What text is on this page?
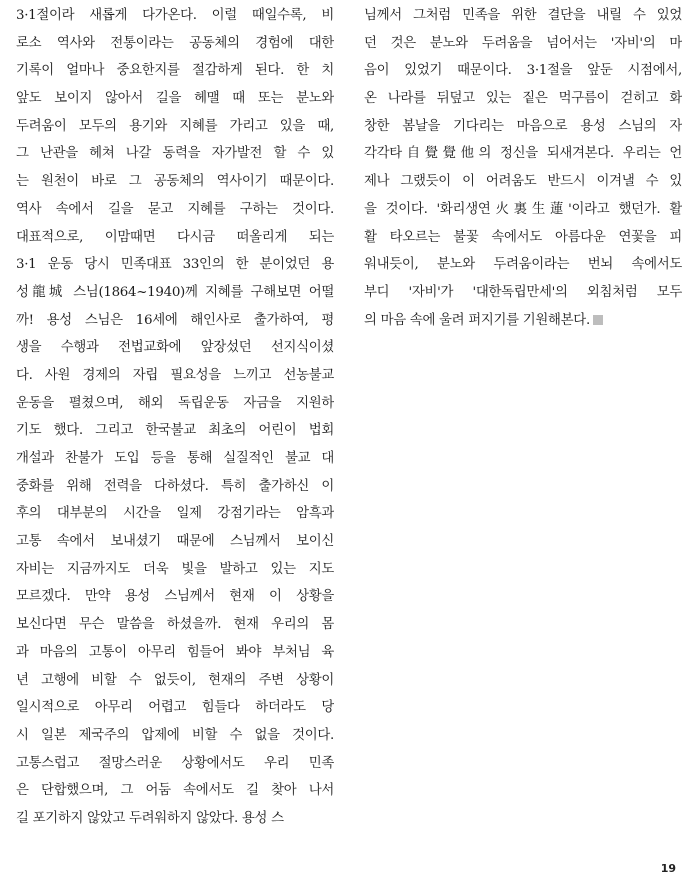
3·1절이라 새롭게 다가온다. 이럴 때일수록, 비
로소 역사와 전통이라는 공동체의 경험에 대한
기록이 얼마나 중요한지를 절감하게 된다. 한 치
앞도 보이지 않아서 길을 헤맬 때 또는 분노와
두려움이 모두의 용기와 지혜를 가리고 있을 때,
그 난관을 헤쳐 나갈 동력을 자가발전 할 수 있
는 원천이 바로 그 공동체의 역사이기 때문이다.
역사 속에서 길을 묻고 지혜를 구하는 것이다.
대표적으로, 이맘때면 다시금 떠올리게 되는
3·1 운동 당시 민족대표 33인의 한 분이었던 용
성龍城 스님(1864~1940)께 지혜를 구해보면 어떨
까! 용성 스님은 16세에 해인사로 출가하여, 평
생을 수행과 전법교화에 앞장섰던 선지식이셨
다. 사원 경제의 자립 필요성을 느끼고 선농불교
운동을 펼쳤으며, 해외 독립운동 자금을 지원하
기도 했다. 그리고 한국불교 최초의 어린이 법회
개설과 찬불가 도입 등을 통해 실질적인 불교 대
중화를 위해 전력을 다하셨다. 특히 출가하신 이
후의 대부분의 시간을 일제 강점기라는 암흑과
고통 속에서 보내셨기 때문에 스님께서 보이신
자비는 지금까지도 더욱 빛을 발하고 있는 지도
모르겠다. 만약 용성 스님께서 현재 이 상황을
보신다면 무슨 말씀을 하셨을까. 현재 우리의 몸
과 마음의 고통이 아무리 힘들어 봐야 부처님 육
년 고행에 비할 수 없듯이, 현재의 주변 상황이
일시적으로 아무리 어렵고 힘들다 하더라도 당
시 일본 제국주의 압제에 비할 수 없을 것이다.
고통스럽고 절망스러운 상황에서도 우리 민족
은 단합했으며, 그 어둠 속에서도 길 찾아 나서
길 포기하지 않았고 두려워하지 않았다. 용성 스
님께서 그처럼 민족을 위한 결단을 내릴 수 있었
던 것은 분노와 두려움을 넘어서는 '자비'의 마
음이 있었기 때문이다. 3·1절을 앞둔 시점에서,
온 나라를 뒤덮고 있는 짙은 먹구름이 걷히고 화
창한 봄날을 기다리는 마음으로 용성 스님의 자
각각타自覺覺他의 정신을 되새겨본다. 우리는 언
제나 그랬듯이 이 어려움도 반드시 이겨낼 수 있
을 것이다. '화리생연火裏生蓮'이라고 했던가. 활
활 타오르는 불꽃 속에서도 아름다운 연꽃을 피
워내듯이, 분노와 두려움이라는 번뇌 속에서도
부디 '자비'가 '대한독립만세'의 외침처럼 모두
의 마음 속에 울려 퍼지기를 기원해본다.
19
